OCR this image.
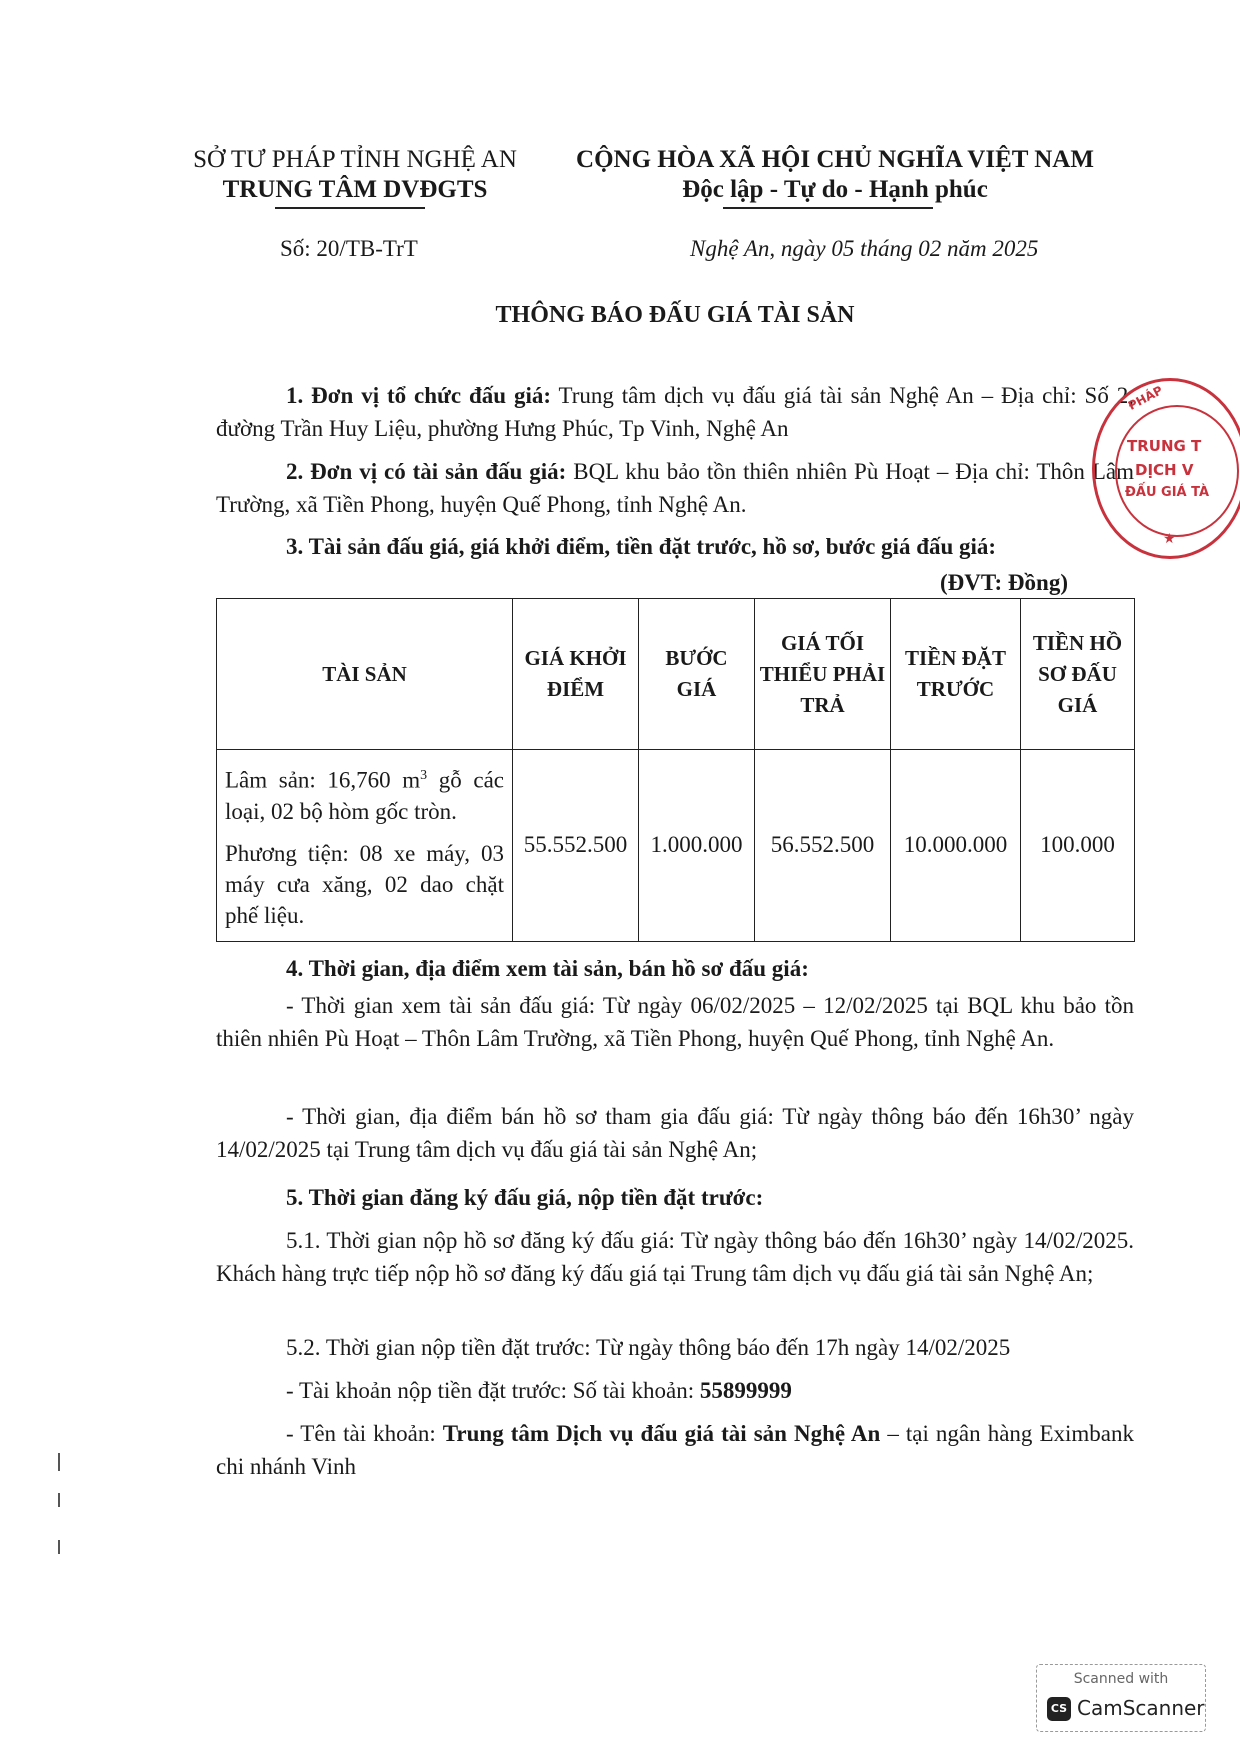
SỞ TƯ PHÁP TỈNH NGHỆ AN
TRUNG TÂM DVĐGTS
CỘNG HÒA XÃ HỘI CHỦ NGHĨA VIỆT NAM
Độc lập - Tự do - Hạnh phúc
Số: 20/TB-TrT	Nghệ An, ngày 05 tháng 02 năm 2025
THÔNG BÁO ĐẤU GIÁ TÀI SẢN
1. Đơn vị tổ chức đấu giá: Trung tâm dịch vụ đấu giá tài sản Nghệ An – Địa chỉ: Số 2, đường Trần Huy Liệu, phường Hưng Phúc, Tp Vinh, Nghệ An
2. Đơn vị có tài sản đấu giá: BQL khu bảo tồn thiên nhiên Pù Hoạt – Địa chỉ: Thôn Lâm Trường, xã Tiền Phong, huyện Quế Phong, tỉnh Nghệ An.
3. Tài sản đấu giá, giá khởi điểm, tiền đặt trước, hồ sơ, bước giá đấu giá:
(ĐVT: Đồng)
TÀI SẢN	GIÁ KHỞI ĐIỂM	BƯỚC GIÁ	GIÁ TỐI THIỂU PHẢI TRẢ	TIỀN ĐẶT TRƯỚC	TIỀN HỒ SƠ ĐẤU GIÁ

Lâm sản: 16,760 $m^3$ gỗ các loại, 02 bộ hòm gốc tròn.

Phương tiện: 08 xe máy, 03 máy cưa xăng, 02 dao chặt phế liệu.	55.552.500	1.000.000	56.552.500	10.000.000	100.000
4. Thời gian, địa điểm xem tài sản, bán hồ sơ đấu giá:
- Thời gian xem tài sản đấu giá: Từ ngày 06/02/2025 – 12/02/2025 tại BQL khu bảo tồn thiên nhiên Pù Hoạt – Thôn Lâm Trường, xã Tiền Phong, huyện Quế Phong, tỉnh Nghệ An.
- Thời gian, địa điểm bán hồ sơ tham gia đấu giá: Từ ngày thông báo đến 16h30’ ngày 14/02/2025 tại Trung tâm dịch vụ đấu giá tài sản Nghệ An;
5. Thời gian đăng ký đấu giá, nộp tiền đặt trước:
5.1. Thời gian nộp hồ sơ đăng ký đấu giá: Từ ngày thông báo đến 16h30’ ngày 14/02/2025. Khách hàng trực tiếp nộp hồ sơ đăng ký đấu giá tại Trung tâm dịch vụ đấu giá tài sản Nghệ An;
5.2. Thời gian nộp tiền đặt trước: Từ ngày thông báo đến 17h ngày 14/02/2025
- Tài khoản nộp tiền đặt trước: Số tài khoản: 55899999
- Tên tài khoản: Trung tâm Dịch vụ đấu giá tài sản Nghệ An – tại ngân hàng Eximbank chi nhánh Vinh
PHÁP
TRUNG T
DỊCH V
ĐẤU GIÁ TÀ
★
Scanned with
CS CamScanner
